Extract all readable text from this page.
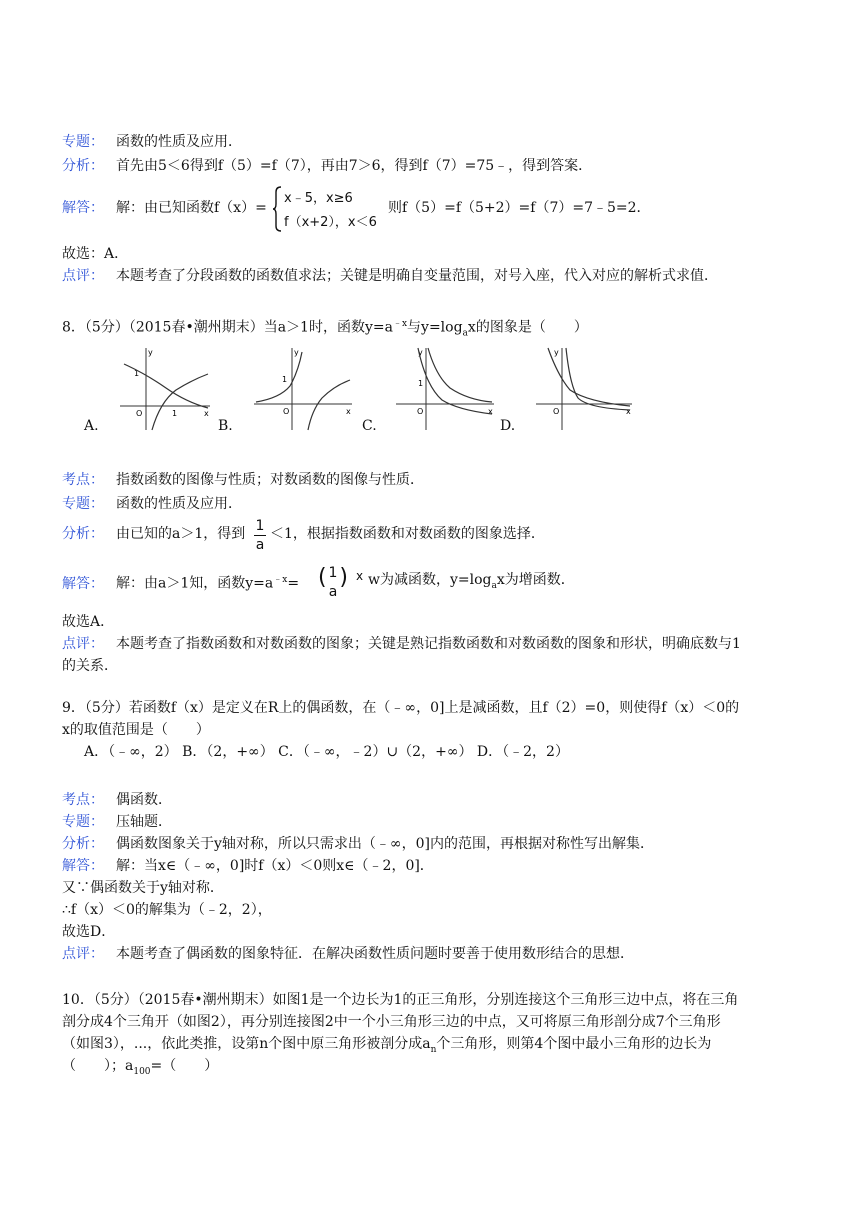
专题： 函数的性质及应用．
分析： 首先由5＜6得到f（5）=f（7），再由7＞6，得到f（7）=75﹣，得到答案．
解答： 解：由已知函数f（x）=
x﹣5，x≥6
f（x+2），x＜6
则f（5）=f（5+2）=f（7）=7﹣5=2．
故选：A．
点评： 本题考查了分段函数的函数值求法；关键是明确自变量范围，对号入座，代入对应的解析式求值．
8．（5分）（2015春•潮州期末）当a＞1时，函数$y=a^{﹣x}$与$y=\log_ax$的图象是（　　）
y
x
O
1
1
A.
y
x
O
1
B.
y
x
O
1
C.
y
x
O
D.
考点： 指数函数的图像与性质；对数函数的图像与性质．
专题： 函数的性质及应用．
分析： 由已知的a＞1，得到 1
a
＜1，根据指数函数和对数函数的图象选择．
解答： 解：由a＞1知，函数$y=a^{﹣x}=$ ( 1
a
) x w为减函数，$y=\log_ax$为增函数．
故选A．
点评： 本题考查了指数函数和对数函数的图象；关键是熟记指数函数和对数函数的图象和形状，明确底数与1
的关系．
9．（5分）若函数f（x）是定义在R上的偶函数，在（﹣∞，0]上是减函数，且f（2）=0，则使得f（x）＜0的
x的取值范围是（　　）
A．（﹣∞，2） B．（2，+∞） C．（﹣∞，﹣2）∪（2，+∞） D．（﹣2，2）
考点： 偶函数．
专题： 压轴题．
分析： 偶函数图象关于y轴对称，所以只需求出（﹣∞，0]内的范围，再根据对称性写出解集．
解答： 解：当x∈（﹣∞，0]时f（x）＜0则x∈（﹣2，0]．
又∵偶函数关于y轴对称．
∴f（x）＜0的解集为（﹣2，2），
故选D．
点评： 本题考查了偶函数的图象特征．在解决函数性质问题时要善于使用数形结合的思想．
10．（5分）（2015春•潮州期末）如图1是一个边长为1的正三角形，分别连接这个三角形三边中点，将在三角
剖分成4个三角开（如图2），再分别连接图2中一个小三角形三边的中点，又可将原三角形剖分成7个三角形
（如图3），...，依此类推，设第n个图中原三角形被剖分成$a_n$个三角形，则第4个图中最小三角形的边长为
（　　）；$a_{100}=$（　　）
